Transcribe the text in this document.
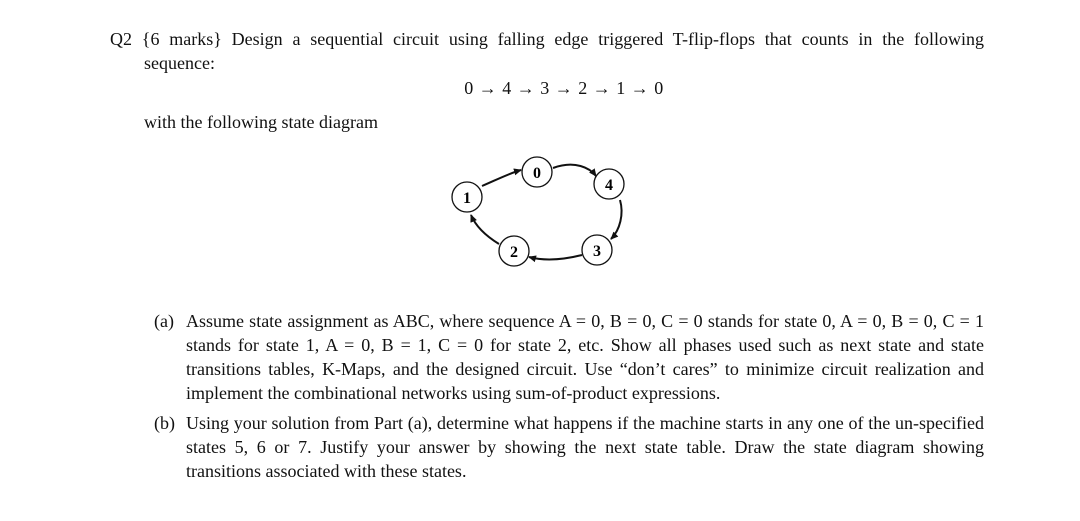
Q2 {6 marks} Design a sequential circuit using falling edge triggered T-flip-flops that counts in the following
sequence:
0 → 4 → 3 → 2 → 1 → 0
with the following state diagram
0
4
3
2
1
(a) Assume state assignment as ABC, where sequence A = 0, B = 0, C = 0 stands for state 0, A = 0, B = 0, C = 1 stands for state 1, A = 0, B = 1, C = 0 for state 2, etc. Show all phases used such as next state and state transitions tables, K-Maps, and the designed circuit. Use “don’t cares” to minimize circuit realization and implement the combinational networks using sum-of-product expressions.
(b) Using your solution from Part (a), determine what happens if the machine starts in any one of the un-specified states 5, 6 or 7. Justify your answer by showing the next state table. Draw the state diagram showing transitions associated with these states.
